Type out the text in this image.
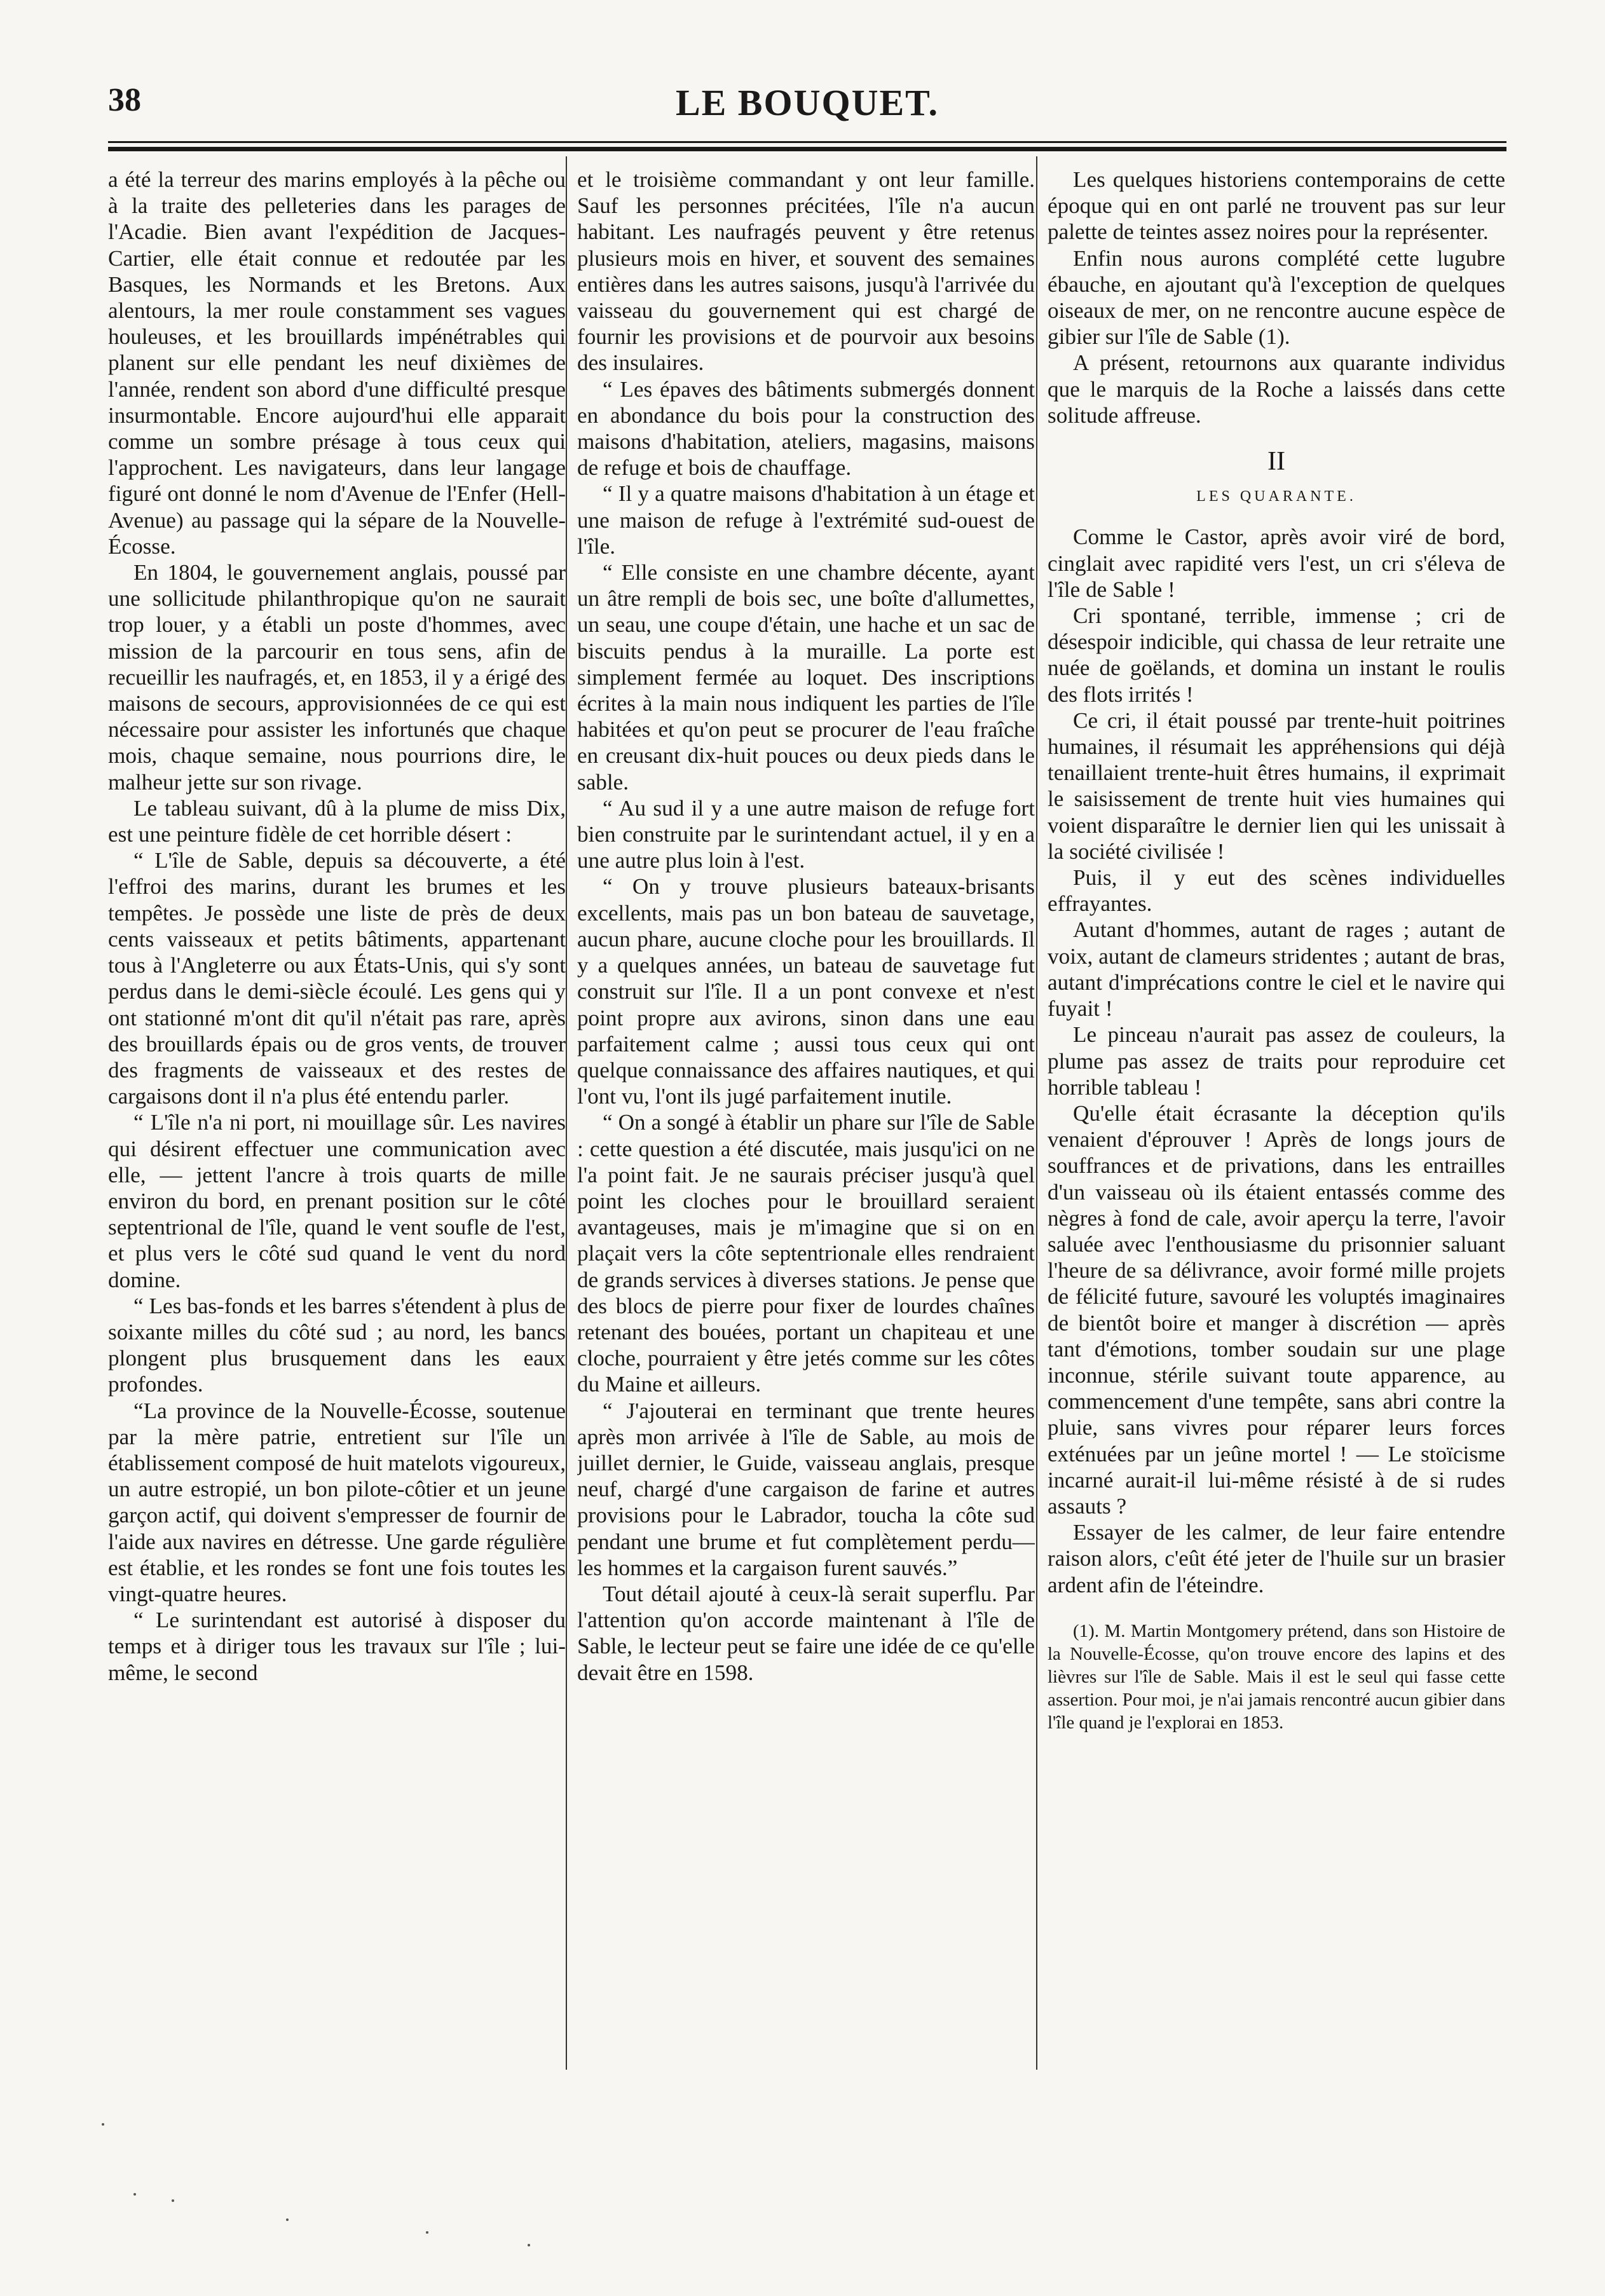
38	LE BOUQUET.

a été la terreur des marins employés à la pêche ou à la traite des pelleteries dans les parages de l'Acadie. Bien avant l'expédition de Jacques-Cartier, elle était connue et redoutée par les Basques, les Normands et les Bretons. Aux alentours, la mer roule constamment ses vagues houleuses, et les brouillards impénétrables qui planent sur elle pendant les neuf dixièmes de l'année, rendent son abord d'une difficulté presque insurmontable. Encore aujourd'hui elle apparait comme un sombre présage à tous ceux qui l'approchent. Les navigateurs, dans leur langage figuré ont donné le nom d'Avenue de l'Enfer (Hell-Avenue) au passage qui la sépare de la Nouvelle-Écosse.

En 1804, le gouvernement anglais, poussé par une sollicitude philanthropique qu'on ne saurait trop louer, y a établi un poste d'hommes, avec mission de la parcourir en tous sens, afin de recueillir les naufragés, et, en 1853, il y a érigé des maisons de secours, approvisionnées de ce qui est nécessaire pour assister les infortunés que chaque mois, chaque semaine, nous pourrions dire, le malheur jette sur son rivage.

Le tableau suivant, dû à la plume de miss Dix, est une peinture fidèle de cet horrible désert :

“ L'île de Sable, depuis sa découverte, a été l'effroi des marins, durant les brumes et les tempêtes. Je possède une liste de près de deux cents vaisseaux et petits bâtiments, appartenant tous à l'Angleterre ou aux États-Unis, qui s'y sont perdus dans le demi-siècle écoulé. Les gens qui y ont stationné m'ont dit qu'il n'était pas rare, après des brouillards épais ou de gros vents, de trouver des fragments de vaisseaux et des restes de cargaisons dont il n'a plus été entendu parler.

“ L'île n'a ni port, ni mouillage sûr. Les navires qui désirent effectuer une communication avec elle, — jettent l'ancre à trois quarts de mille environ du bord, en prenant position sur le côté septentrional de l'île, quand le vent soufle de l'est, et plus vers le côté sud quand le vent du nord domine.

“ Les bas-fonds et les barres s'étendent à plus de soixante milles du côté sud ; au nord, les bancs plongent plus brusquement dans les eaux profondes.

“La province de la Nouvelle-Écosse, soutenue par la mère patrie, entretient sur l'île un établissement composé de huit matelots vigoureux, un autre estropié, un bon pilote-côtier et un jeune garçon actif, qui doivent s'empresser de fournir de l'aide aux navires en détresse. Une garde régulière est établie, et les rondes se font une fois toutes les vingt-quatre heures.

“ Le surintendant est autorisé à disposer du temps et à diriger tous les travaux sur l'île ; lui-même, le second

et le troisième commandant y ont leur famille. Sauf les personnes précitées, l'île n'a aucun habitant. Les naufragés peuvent y être retenus plusieurs mois en hiver, et souvent des semaines entières dans les autres saisons, jusqu'à l'arrivée du vaisseau du gouvernement qui est chargé de fournir les provisions et de pourvoir aux besoins des insulaires.

“ Les épaves des bâtiments submergés donnent en abondance du bois pour la construction des maisons d'habitation, ateliers, magasins, maisons de refuge et bois de chauffage.

“ Il y a quatre maisons d'habitation à un étage et une maison de refuge à l'extrémité sud-ouest de l'île.

“ Elle consiste en une chambre décente, ayant un âtre rempli de bois sec, une boîte d'allumettes, un seau, une coupe d'étain, une hache et un sac de biscuits pendus à la muraille. La porte est simplement fermée au loquet. Des inscriptions écrites à la main nous indiquent les parties de l'île habitées et qu'on peut se procurer de l'eau fraîche en creusant dix-huit pouces ou deux pieds dans le sable.

“ Au sud il y a une autre maison de refuge fort bien construite par le surintendant actuel, il y en a une autre plus loin à l'est.

“ On y trouve plusieurs bateaux-brisants excellents, mais pas un bon bateau de sauvetage, aucun phare, aucune cloche pour les brouillards. Il y a quelques années, un bateau de sauvetage fut construit sur l'île. Il a un pont convexe et n'est point propre aux avirons, sinon dans une eau parfaitement calme ; aussi tous ceux qui ont quelque connaissance des affaires nautiques, et qui l'ont vu, l'ont ils jugé parfaitement inutile.

“ On a songé à établir un phare sur l'île de Sable : cette question a été discutée, mais jusqu'ici on ne l'a point fait. Je ne saurais préciser jusqu'à quel point les cloches pour le brouillard seraient avantageuses, mais je m'imagine que si on en plaçait vers la côte septentrionale elles rendraient de grands services à diverses stations. Je pense que des blocs de pierre pour fixer de lourdes chaînes retenant des bouées, portant un chapiteau et une cloche, pourraient y être jetés comme sur les côtes du Maine et ailleurs.

“ J'ajouterai en terminant que trente heures après mon arrivée à l'île de Sable, au mois de juillet dernier, le Guide, vaisseau anglais, presque neuf, chargé d'une cargaison de farine et autres provisions pour le Labrador, toucha la côte sud pendant une brume et fut complètement perdu—les hommes et la cargaison furent sauvés.”

Tout détail ajouté à ceux-là serait superflu. Par l'attention qu'on accorde maintenant à l'île de Sable, le lecteur peut se faire une idée de ce qu'elle devait être en 1598.

Les quelques historiens contemporains de cette époque qui en ont parlé ne trouvent pas sur leur palette de teintes assez noires pour la représenter.

Enfin nous aurons complété cette lugubre ébauche, en ajoutant qu'à l'exception de quelques oiseaux de mer, on ne rencontre aucune espèce de gibier sur l'île de Sable (1).

A présent, retournons aux quarante individus que le marquis de la Roche a laissés dans cette solitude affreuse.

II
LES QUARANTE.

Comme le Castor, après avoir viré de bord, cinglait avec rapidité vers l'est, un cri s'éleva de l'île de Sable !

Cri spontané, terrible, immense ; cri de désespoir indicible, qui chassa de leur retraite une nuée de goëlands, et domina un instant le roulis des flots irrités !

Ce cri, il était poussé par trente-huit poitrines humaines, il résumait les appréhensions qui déjà tenaillaient trente-huit êtres humains, il exprimait le saisissement de trente huit vies humaines qui voient disparaître le dernier lien qui les unissait à la société civilisée !

Puis, il y eut des scènes individuelles effrayantes.

Autant d'hommes, autant de rages ; autant de voix, autant de clameurs stridentes ; autant de bras, autant d'imprécations contre le ciel et le navire qui fuyait !

Le pinceau n'aurait pas assez de couleurs, la plume pas assez de traits pour reproduire cet horrible tableau !

Qu'elle était écrasante la déception qu'ils venaient d'éprouver ! Après de longs jours de souffrances et de privations, dans les entrailles d'un vaisseau où ils étaient entassés comme des nègres à fond de cale, avoir aperçu la terre, l'avoir saluée avec l'enthousiasme du prisonnier saluant l'heure de sa délivrance, avoir formé mille projets de félicité future, savouré les voluptés imaginaires de bientôt boire et manger à discrétion — après tant d'émotions, tomber soudain sur une plage inconnue, stérile suivant toute apparence, au commencement d'une tempête, sans abri contre la pluie, sans vivres pour réparer leurs forces exténuées par un jeûne mortel ! — Le stoïcisme incarné aurait-il lui-même résisté à de si rudes assauts ?

Essayer de les calmer, de leur faire entendre raison alors, c'eût été jeter de l'huile sur un brasier ardent afin de l'éteindre.

(1). M. Martin Montgomery prétend, dans son Histoire de la Nouvelle-Écosse, qu'on trouve encore des lapins et des lièvres sur l'île de Sable. Mais il est le seul qui fasse cette assertion. Pour moi, je n'ai jamais rencontré aucun gibier dans l'île quand je l'explorai en 1853.
